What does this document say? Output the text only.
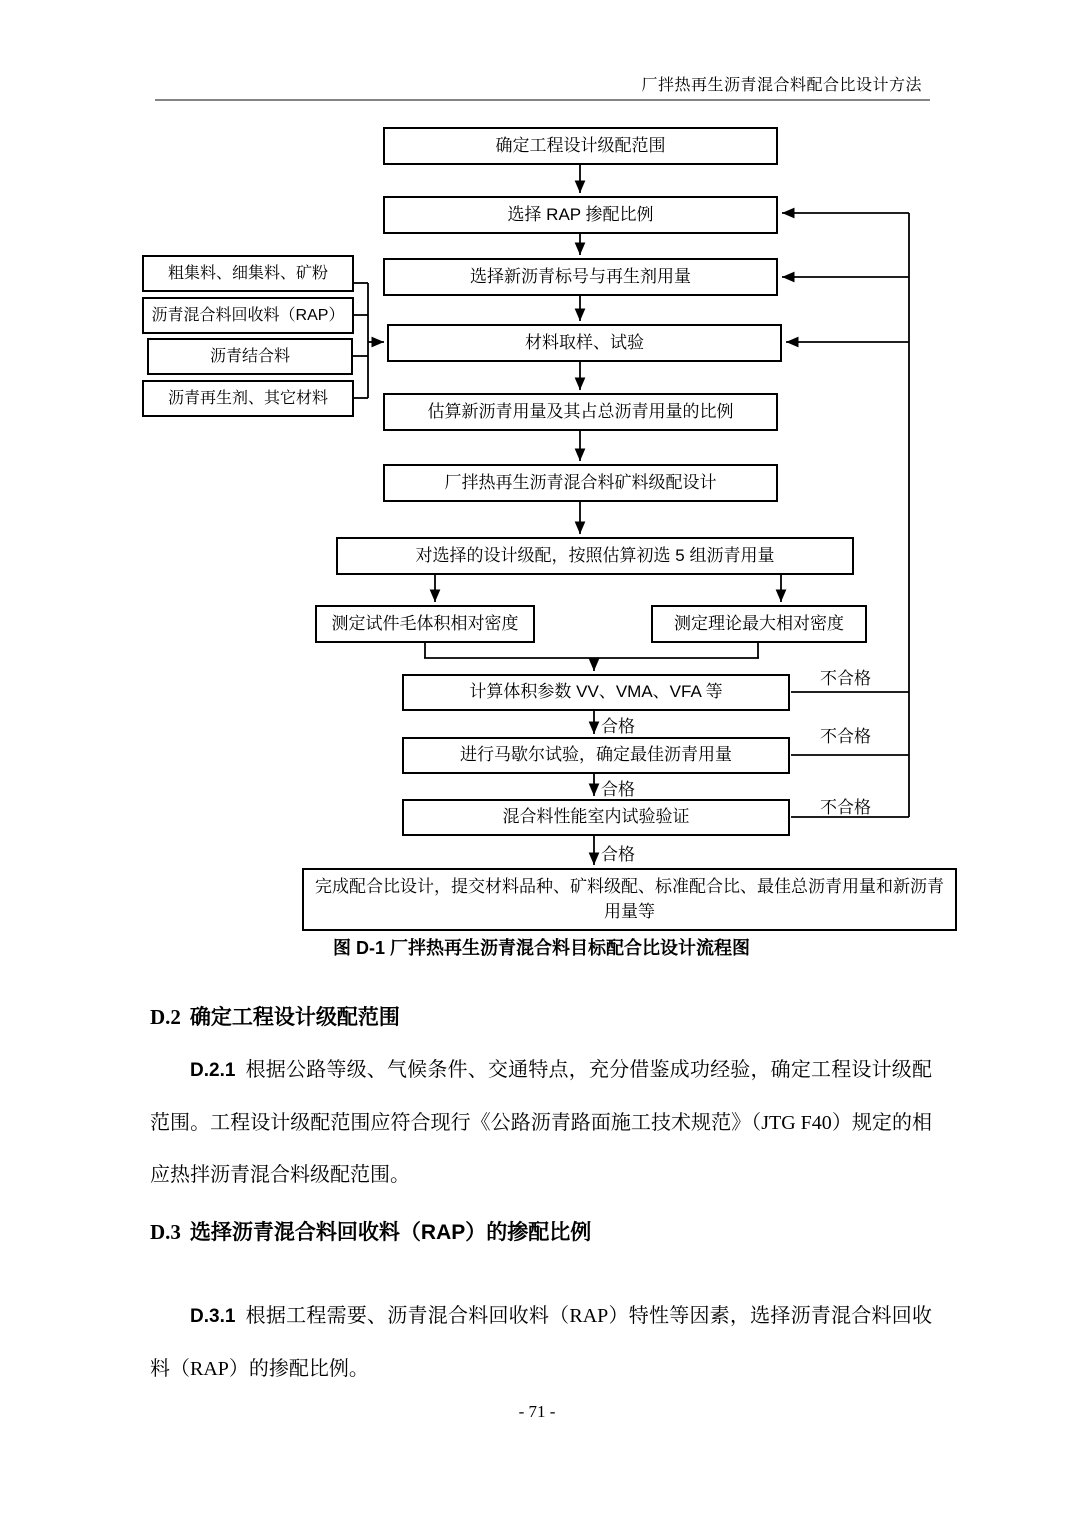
厂拌热再生沥青混合料配合比设计方法
粗集料、细集料、矿粉
沥青混合料回收料（RAP）
沥青结合料
沥青再生剂、其它材料
确定工程设计级配范围
选择 RAP 掺配比例
选择新沥青标号与再生剂用量
材料取样、试验
估算新沥青用量及其占总沥青用量的比例
厂拌热再生沥青混合料矿料级配设计
对选择的设计级配，按照估算初选 5 组沥青用量
测定试件毛体积相对密度	测定理论最大相对密度
计算体积参数 VV、VMA、VFA 等
进行马歇尔试验，确定最佳沥青用量
混合料性能室内试验验证
完成配合比设计，提交材料品种、矿料级配、标准配合比、最佳总沥青用量和新沥青用量等
合格
合格
合格
不合格
不合格
不合格
图 D-1 厂拌热再生沥青混合料目标配合比设计流程图
D.2 确定工程设计级配范围

D.2.1 根据公路等级、气候条件、交通特点，充分借鉴成功经验，确定工程设计级配范围。工程设计级配范围应符合现行《公路沥青路面施工技术规范》（JTG F40）规定的相应热拌沥青混合料级配范围。

D.3 选择沥青混合料回收料（RAP）的掺配比例

D.3.1 根据工程需要、沥青混合料回收料（RAP）特性等因素，选择沥青混合料回收料（RAP）的掺配比例。

- 71 -
